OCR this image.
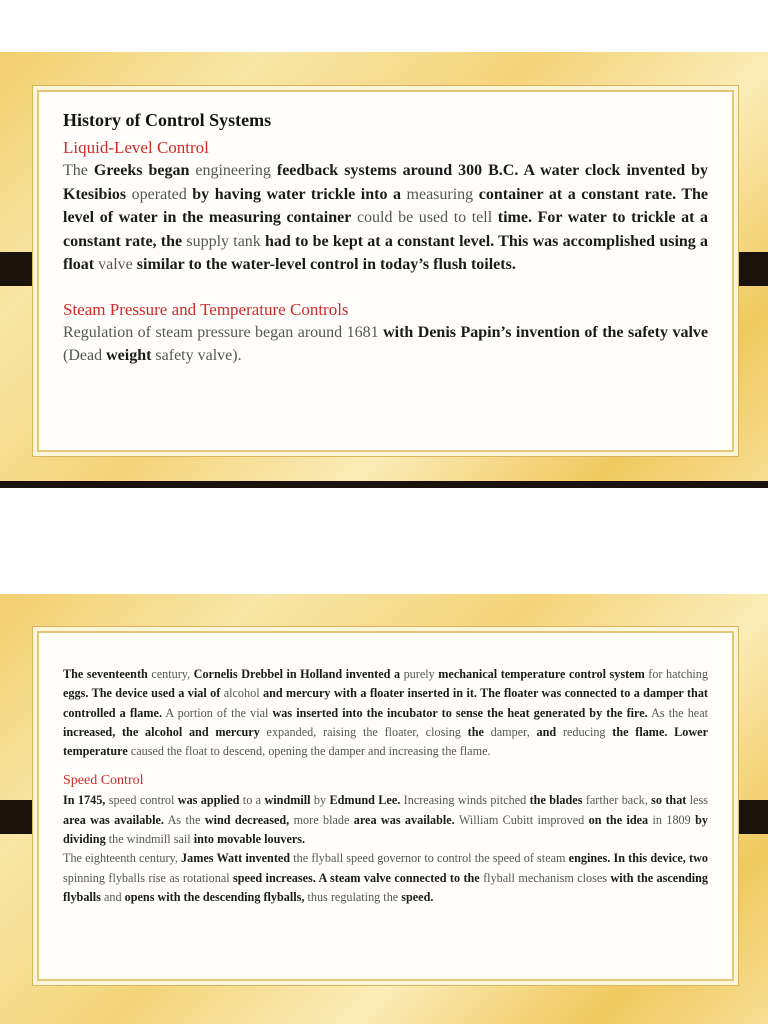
History of Control Systems
Liquid-Level Control

The Greeks began engineering feedback systems around 300 B.C. A water clock invented by Ktesibios operated by having water trickle into a measuring container at a constant rate. The level of water in the measuring container could be used to tell time. For water to trickle at a constant rate, the supply tank had to be kept at a constant level. This was accomplished using a float valve similar to the water-level control in today’s flush toilets.

Steam Pressure and Temperature Controls

Regulation of steam pressure began around 1681 with Denis Papin’s invention of the safety valve (Dead weight safety valve).

The seventeenth century, Cornelis Drebbel in Holland invented a purely mechanical temperature control system for hatching eggs. The device used a vial of alcohol and mercury with a floater inserted in it. The floater was connected to a damper that controlled a flame. A portion of the vial was inserted into the incubator to sense the heat generated by the fire. As the heat increased, the alcohol and mercury expanded, raising the floater, closing the damper, and reducing the flame. Lower temperature caused the float to descend, opening the damper and increasing the flame.

Speed Control

In 1745, speed control was applied to a windmill by Edmund Lee. Increasing winds pitched the blades farther back, so that less area was available. As the wind decreased, more blade area was available. William Cubitt improved on the idea in 1809 by dividing the windmill sail into movable louvers.

The eighteenth century, James Watt invented the flyball speed governor to control the speed of steam engines. In this device, two spinning flyballs rise as rotational speed increases. A steam valve connected to the flyball mechanism closes with the ascending flyballs and opens with the descending flyballs, thus regulating the speed.
